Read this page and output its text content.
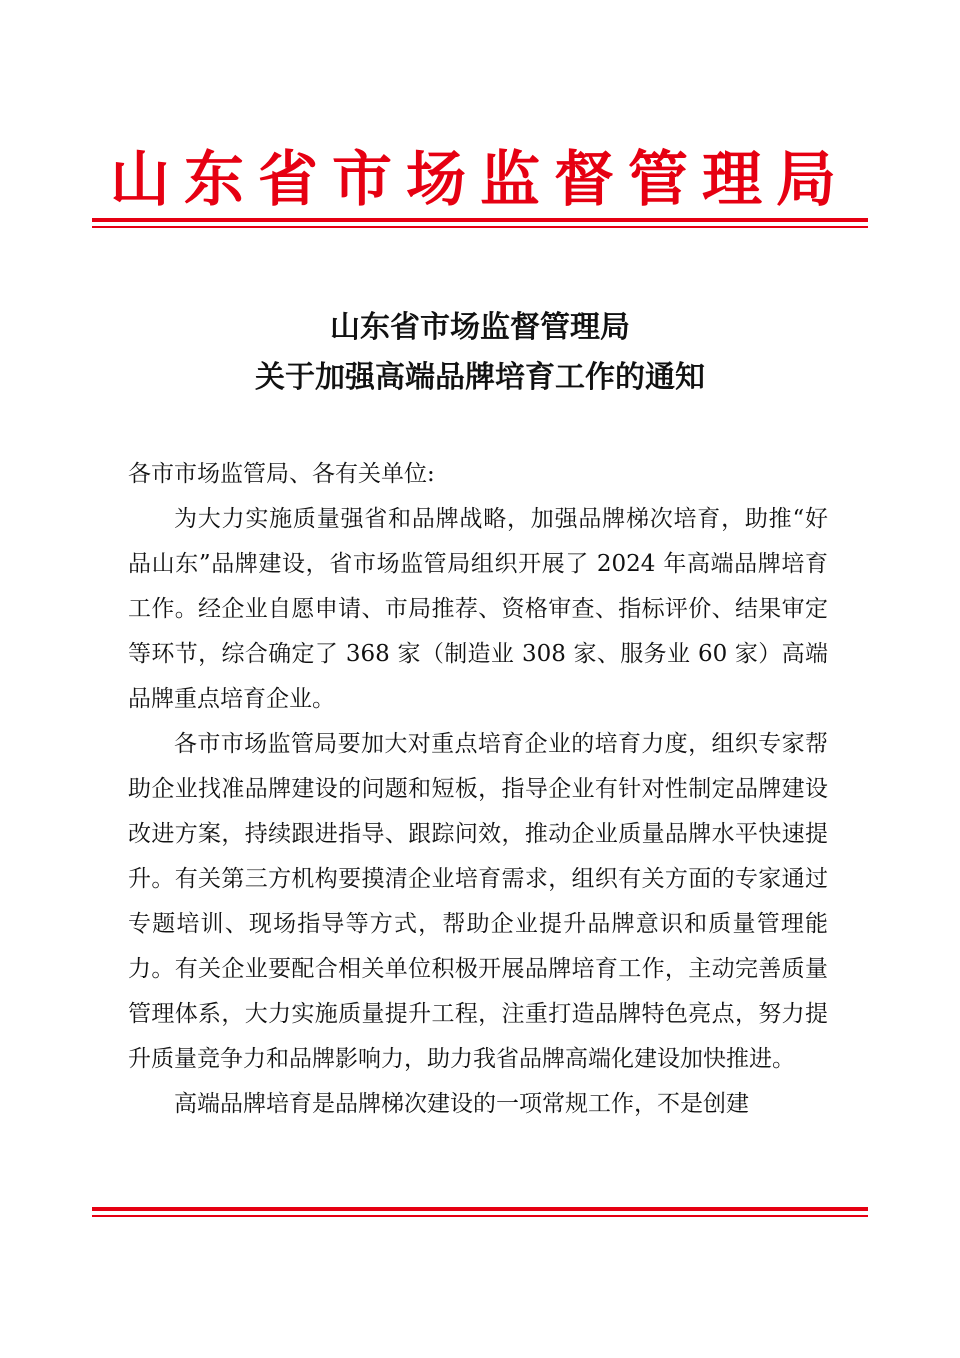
山东省市场监督管理局
山东省市场监督管理局
关于加强高端品牌培育工作的通知

各市市场监管局、各有关单位:

为大力实施质量强省和品牌战略，加强品牌梯次培育，助推“好品山东”品牌建设，省市场监管局组织开展了 2024 年高端品牌培育工作。经企业自愿申请、市局推荐、资格审查、指标评价、结果审定等环节，综合确定了 368 家（制造业 308 家、服务业 60 家）高端品牌重点培育企业。

各市市场监管局要加大对重点培育企业的培育力度，组织专家帮助企业找准品牌建设的问题和短板，指导企业有针对性制定品牌建设改进方案，持续跟进指导、跟踪问效，推动企业质量品牌水平快速提升。有关第三方机构要摸清企业培育需求，组织有关方面的专家通过专题培训、现场指导等方式，帮助企业提升品牌意识和质量管理能力。有关企业要配合相关单位积极开展品牌培育工作，主动完善质量管理体系，大力实施质量提升工程，注重打造品牌特色亮点，努力提升质量竞争力和品牌影响力，助力我省品牌高端化建设加快推进。

高端品牌培育是品牌梯次建设的一项常规工作，不是创建
